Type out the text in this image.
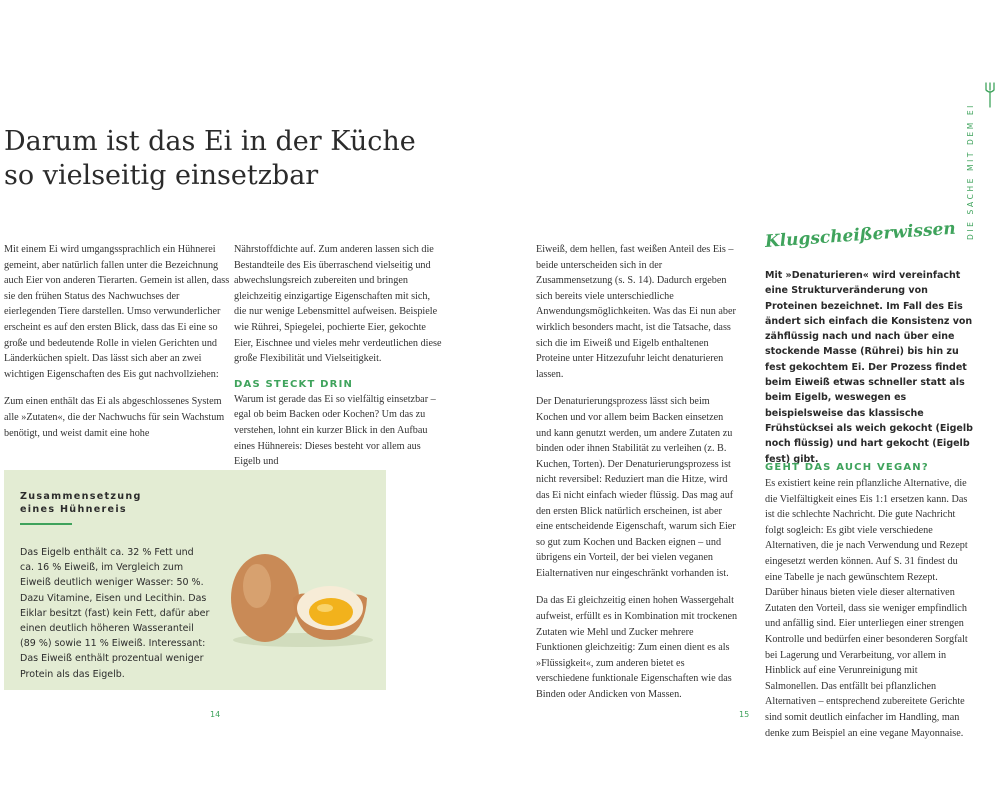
Darum ist das Ei in der Küche so vielseitig einsetzbar

Mit einem Ei wird umgangssprachlich ein Hühnerei gemeint, aber natürlich fallen unter die Bezeichnung auch Eier von anderen Tierarten. Gemein ist allen, dass sie den frühen Status des Nachwuchses der eierlegenden Tiere darstellen. Umso verwunderlicher erscheint es auf den ersten Blick, dass das Ei eine so große und bedeutende Rolle in vielen Gerichten und Länderküchen spielt. Das lässt sich aber an zwei wichtigen Eigenschaften des Eis gut nachvollziehen:

Zum einen enthält das Ei als abgeschlossenes System alle »Zutaten«, die der Nachwuchs für sein Wachstum benötigt, und weist damit eine hohe

Nährstoffdichte auf. Zum anderen lassen sich die Bestandteile des Eis überraschend vielseitig und abwechslungsreich zubereiten und bringen gleichzeitig einzigartige Eigenschaften mit sich, die nur wenige Lebensmittel aufweisen. Beispiele wie Rührei, Spiegelei, pochierte Eier, gekochte Eier, Eischnee und vieles mehr verdeutlichen diese große Flexibilität und Vielseitigkeit.

DAS STECKT DRIN

Warum ist gerade das Ei so vielfältig einsetzbar – egal ob beim Backen oder Kochen? Um das zu verstehen, lohnt ein kurzer Blick in den Aufbau eines Hühnereis: Dieses besteht vor allem aus Eigelb und

Zusammensetzung
eines Hühnereis

Das Eigelb enthält ca. 32 % Fett und ca. 16 % Eiweiß, im Vergleich zum Eiweiß deutlich weniger Wasser: 50 %. Dazu Vitamine, Eisen und Lecithin. Das Eiklar besitzt (fast) kein Fett, dafür aber einen deutlich höheren Wasseranteil (89 %) sowie 11 % Eiweiß. Interessant: Das Eiweiß enthält prozentual weniger Protein als das Eigelb.

Eiweiß, dem hellen, fast weißen Anteil des Eis – beide unterscheiden sich in der Zusammensetzung (s. S. 14). Dadurch ergeben sich bereits viele unterschiedliche Anwendungsmöglichkeiten. Was das Ei nun aber wirklich besonders macht, ist die Tatsache, dass sich die im Eiweiß und Eigelb enthaltenen Proteine unter Hitzezufuhr leicht denaturieren lassen.

Der Denaturierungsprozess lässt sich beim Kochen und vor allem beim Backen einsetzen und kann genutzt werden, um andere Zutaten zu binden oder ihnen Stabilität zu verleihen (z. B. Kuchen, Torten). Der Denaturierungsprozess ist nicht reversibel: Reduziert man die Hitze, wird das Ei nicht einfach wieder flüssig. Das mag auf den ersten Blick natürlich erscheinen, ist aber eine entscheidende Eigenschaft, warum sich Eier so gut zum Kochen und Backen eignen – und übrigens ein Vorteil, der bei vielen veganen Eialternativen nur eingeschränkt vorhanden ist.

Da das Ei gleichzeitig einen hohen Wassergehalt aufweist, erfüllt es in Kombination mit trockenen Zutaten wie Mehl und Zucker mehrere Funktionen gleichzeitig: Zum einen dient es als »Flüssigkeit«, zum anderen bietet es verschiedene funktionale Eigenschaften wie das Binden oder Andicken von Massen.

Klugscheißerwissen

Mit »Denaturieren« wird vereinfacht eine Strukturveränderung von Proteinen bezeichnet. Im Fall des Eis ändert sich einfach die Konsistenz von zähflüssig nach und nach über eine stockende Masse (Rührei) bis hin zu fest gekochtem Ei. Der Prozess findet beim Eiweiß etwas schneller statt als beim Eigelb, weswegen es beispielsweise das klassische Frühstücksei als weich gekocht (Eigelb noch flüssig) und hart gekocht (Eigelb fest) gibt.

GEHT DAS AUCH VEGAN?

Es existiert keine rein pflanzliche Alternative, die die Vielfältigkeit eines Eis 1:1 ersetzen kann. Das ist die schlechte Nachricht. Die gute Nachricht folgt sogleich: Es gibt viele verschiedene Alternativen, die je nach Verwendung und Rezept eingesetzt werden können. Auf S. 31 findest du eine Tabelle je nach gewünschtem Rezept. Darüber hinaus bieten viele dieser alternativen Zutaten den Vorteil, dass sie weniger empfindlich und anfällig sind. Eier unterliegen einer strengen Kontrolle und bedürfen einer besonderen Sorgfalt bei Lagerung und Verarbeitung, vor allem in Hinblick auf eine Verunreinigung mit Salmonellen. Das entfällt bei pflanzlichen Alternativen – entsprechend zubereitete Gerichte sind somit deutlich einfacher im Handling, man denke zum Beispiel an eine vegane Mayonnaise.

14	15
DIE SACHE MIT DEM EI
